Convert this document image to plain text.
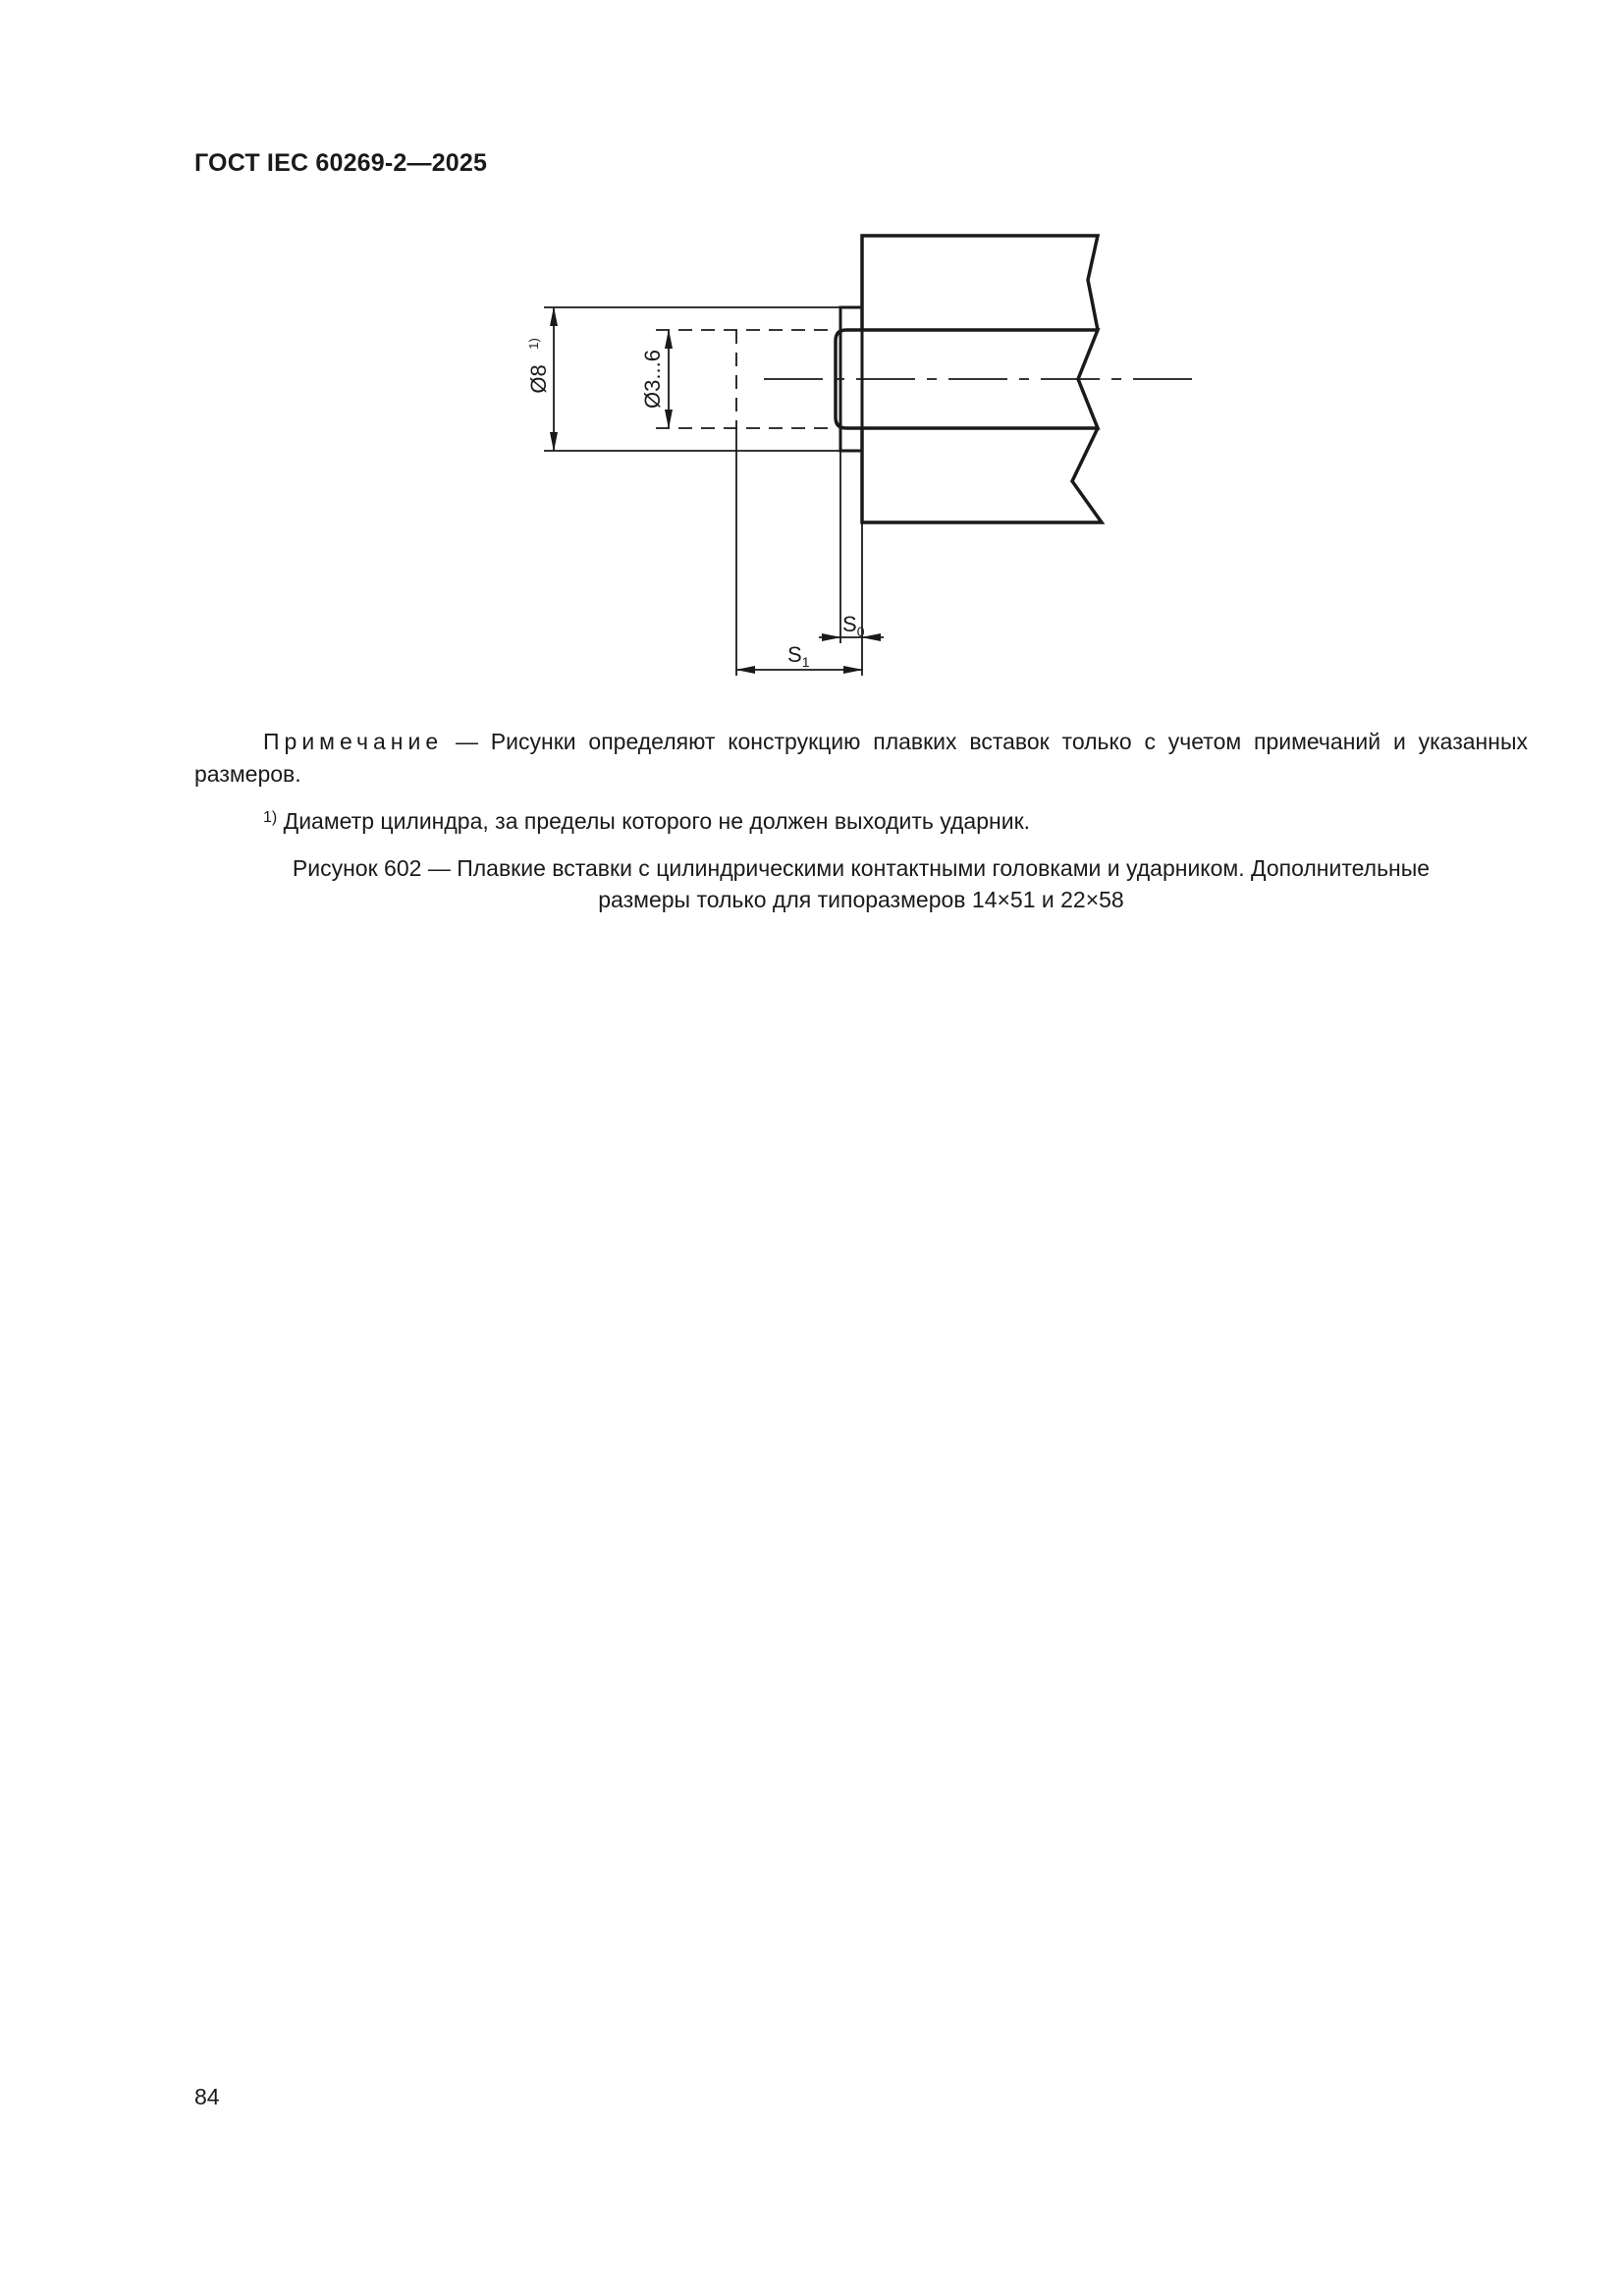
ГОСТ IEC 60269-2—2025
Ø8
1)
Ø3...6
$S_0$
$S_1$
Примечание — Рисунки определяют конструкцию плавких вставок только с учетом примечаний и указанных размеров.
$^{1)}$ Диаметр цилиндра, за пределы которого не должен выходить ударник.
Рисунок 602 — Плавкие вставки с цилиндрическими контактными головками и ударником. Дополнительные
размеры только для типоразмеров 14×51 и 22×58
84
